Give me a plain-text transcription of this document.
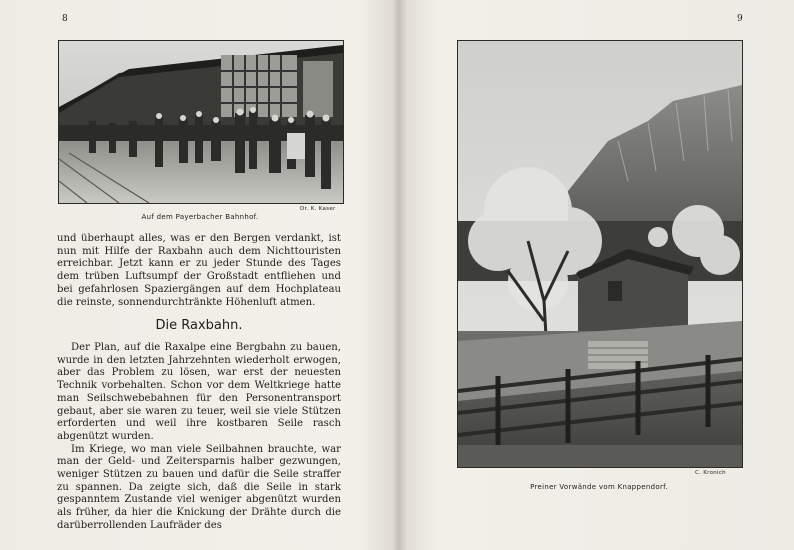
8
Dr. K. Kaser
Auf dem Payerbacher Bahnhof.

und überhaupt alles, was er den Bergen verdankt, ist nun mit Hilfe der Raxbahn auch dem Nichttouristen erreichbar. Jetzt kann er zu jeder Stunde des Tages dem trüben Luftsumpf der Großstadt entfliehen und bei gefahrlosen Spaziergängen auf dem Hochplateau die reinste, sonnendurchtränkte Höhenluft atmen.

Die Raxbahn.

Der Plan, auf die Raxalpe eine Bergbahn zu bauen, wurde in den letzten Jahrzehnten wiederholt erwogen, aber das Problem zu lösen, war erst der neuesten Technik vorbehalten. Schon vor dem Weltkriege hatte man Seilschwebebahnen für den Personentransport gebaut, aber sie waren zu teuer, weil sie viele Stützen erforderten und weil ihre kostbaren Seile rasch abgenützt wurden.

Im Kriege, wo man viele Seilbahnen brauchte, war man der Geld- und Zeitersparnis halber gezwungen, weniger Stützen zu bauen und dafür die Seile straffer zu spannen. Da zeigte sich, daß die Seile in stark gespanntem Zustande viel weniger abgenützt wurden als früher, da hier die Knickung der Drähte durch die darüberrollenden Laufräder des

9
C. Kronich
Preiner Vorwände vom Knappendorf.
